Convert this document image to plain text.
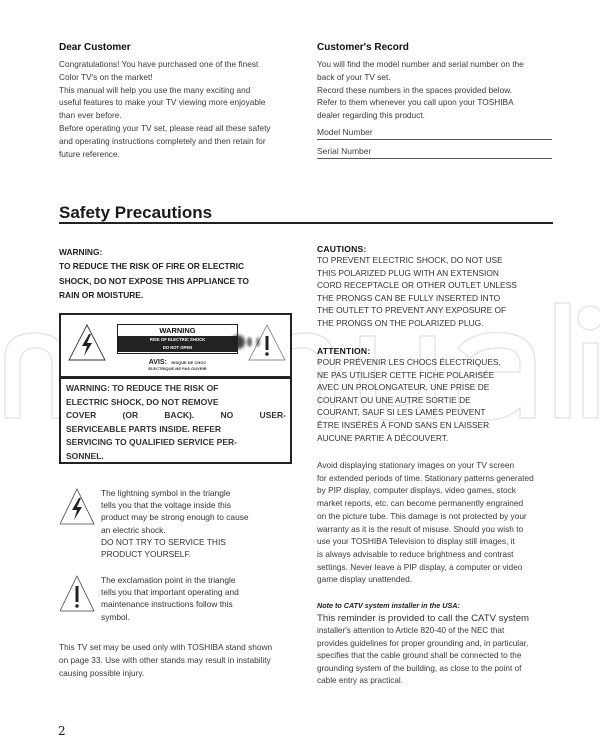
Dear Customer
Congratulations! You have purchased one of the finest
Color TV's on the market!
This manual will help you use the many exciting and
useful features to make your TV viewing more enjoyable
than ever before.
Before operating your TV set, please read all these safety
and operating instructions completely and then retain for
future reference.
Customer's Record
You will find the model number and serial number on the
back of your TV set.
Record these numbers in the spaces provided below.
Refer to them whenever you call upon your TOSHIBA
dealer regarding this product.
Model Number
Serial Number
Safety Precautions
WARNING:
TO REDUCE THE RISK OF FIRE OR ELECTRIC
SHOCK, DO NOT EXPOSE THIS APPLIANCE TO
RAIN OR MOISTURE.
WARNING
RISK OF ELECTRIC SHOCK
DO NOT OPEN
AVIS: RISQUE DE CHOC
ELECTRIQUE-NE PAS OUVRIR
WARNING: TO REDUCE THE RISK OF
ELECTRIC SHOCK, DO NOT REMOVE
COVER	(OR	BACK).	NO	USER-
SERVICEABLE PARTS INSIDE. REFER
SERVICING TO QUALIFIED SERVICE PER-
SONNEL.
The lightning symbol in the triangle
tells you that the voltage inside this
product may be strong enough to cause
an electric shock.
DO NOT TRY TO SERVICE THIS
PRODUCT YOURSELF.
The exclamation point in the triangle
tells you that important operating and
maintenance instructions follow this
symbol.
This TV set may be used only with TOSHIBA stand shown
on page 33. Use with other stands may result in instability
causing possible injury.
CAUTIONS:
TO PREVENT ELECTRIC SHOCK, DO NOT USE
THIS POLARIZED PLUG WITH AN EXTENSION
CORD RECEPTACLE OR OTHER OUTLET UNLESS
THE PRONGS CAN BE FULLY INSERTED INTO
THE OUTLET TO PREVENT ANY EXPOSURE OF
THE PRONGS ON THE POLARIZED PLUG.
ATTENTION:
POUR PRÉVENIR LES CHOCS ÉLECTRIQUES,
NE PAS UTILISER CETTE FICHE POLARISÉE
AVEC UN PROLONGATEUR, UNE PRISE DE
COURANT OU UNE AUTRE SORTIE DE
COURANT, SAUF SI LES LAMES PEUVENT
ÊTRE INSÉRÉS À FOND SANS EN LAISSER
AUCUNE PARTIE À DÉCOUVERT.
Avoid displaying stationary images on your TV screen
for extended periods of time. Stationary patterns generated
by PIP display, computer displays, video games, stock
market reports, etc. can become permanently engrained
on the picture tube. This damage is not protected by your
warranty as it is the result of misuse. Should you wish to
use your TOSHIBA Television to display still images, it
is always advisable to reduce brightness and contrast
settings. Never leave a PIP display, a computer or video
game display unattended.
Note to CATV system installer in the USA:
This reminder is provided to call the CATV system
installer's attention to Article 820-40 of the NEC that
provides guidelines for proper grounding and, in particular,
specifies that the cable ground shall be connected to the
grounding system of the building, as close to the point of
cable entry as practical.
2
